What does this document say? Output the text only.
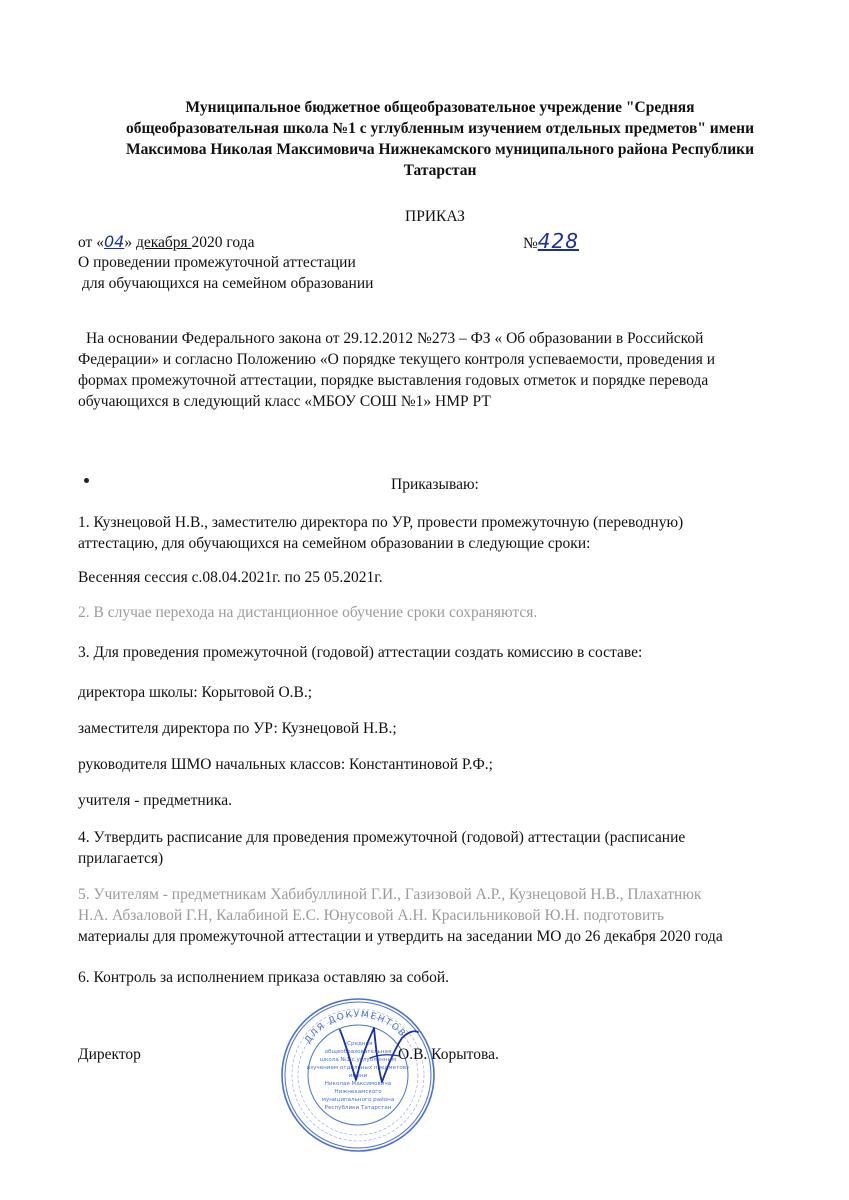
Муниципальное бюджетное общеобразовательное учреждение "Средняя
общеобразовательная школа №1 с углубленным изучением отдельных предметов" имени
Максимова Николая Максимовича Нижнекамского муниципального района Республики
Татарстан
ПРИКАЗ
от «04» декабря 2020 года	№428
О проведении промежуточной аттестации
для обучающихся на семейном образовании
На основании Федерального закона от 29.12.2012 №273 – ФЗ « Об образовании в Российской
Федерации» и согласно Положению «О порядке текущего контроля успеваемости, проведения и
формах промежуточной аттестации, порядке выставления годовых отметок и порядке перевода
обучающихся в следующий класс «МБОУ СОШ №1» НМР РТ
Приказываю:
1. Кузнецовой Н.В., заместителю директора по УР, провести промежуточную (переводную)
аттестацию, для обучающихся на семейном образовании в следующие сроки:
Весенняя сессия с.08.04.2021г. по 25 05.2021г.
2. В случае перехода на дистанционное обучение сроки сохраняются.
3. Для проведения промежуточной (годовой) аттестации создать комиссию в составе:
директора школы: Корытовой О.В.;
заместителя директора по УР: Кузнецовой Н.В.;
руководителя ШМО начальных классов: Константиновой Р.Ф.;
учителя - предметника.
4. Утвердить расписание для проведения промежуточной (годовой) аттестации (расписание
прилагается)
5. Учителям - предметникам Хабибуллиной Г.И., Газизовой А.Р., Кузнецовой Н.В., Плахатнюк
Н.А. Абзаловой Г.Н, Калабиной Е.С. Юнусовой А.Н. Красильниковой Ю.Н. подготовить
материалы для промежуточной аттестации и утвердить на заседании МО до 26 декабря 2020 года
6. Контроль за исполнением приказа оставляю за собой.
ДЛЯ ДОКУМЕНТОВ
«Средняя
общеобразовательная
школа №1 с углубленным
изучением отдельных предметов»
имени
Николая Максимовича
Нижнекамского
муниципального района
Республики Татарстан
Директор	О.В. Корытова.
